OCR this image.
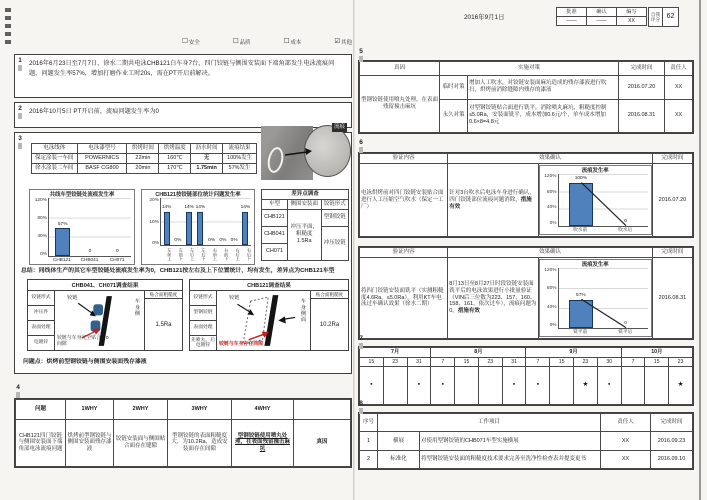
☐ 安全	☐ 品质	☐ 成本	☑ 其他
2016年9月1日
批准	确认	编写
——	——	XX
自我评分	62
1
2
3
4
5
6
7
8
2016年6月23日至7月7日，徐水二期共电泳CHB121白车身7台，四门铰链与侧围安装面下端角部发生电泳流痕问题，问题发生率57%，增加打磨作业工时20s，需在PT开启前解决。
2016年10月5日 PT开启前，流痕问题发生率为0
电泳线体	电泳漆型号	烘烤时间	烘烤温度	沥水时间	流痕结果
保定涂装一车间	POWERNICS	22min	160℃	无	100%发生
徐水涂装二车间	BASF CG800	20min	170℃	1.75min	57%发生
流痕
共线车型铰链处流痕发生率
120%
80%
40%
0%
57%
0	0
CHB121	CHB041	CH071
CHB121按铰链部位统计问题发生率
20%
10%
0%
14%
0%
14% 14%
0% 0% 0%
14%
左前上	左前下	左后上	左后下	右前上	右前下	右后上	右后下
差异点调查		
车型	侧围安装面	铰链形式
CHB121	冲压平面，粗糙度1.5Ra	型钢铰链
CHB041		冲压铰链
CH071		
总结：同线体生产的其它车型铰链处流痕发生率为0，CHB121按左右及上下位置统计，均有发生，差异点为CHB121车型
CHB041、CH071调查结果
铰链形式
冲压件
表面处理
电镀锌
铰链
铰链与车身完全贴合，0间隙
车身侧
贴合面粗糙度
1.5Ra
CHB121调查结果
铰链形式
型钢铰链
表面处理
先喷丸，后电镀锌
铰链
铰链与车身存在间隙
车身侧面
贴合面粗糙度
10.2Ra
问题点：烘烤前型钢铰链与侧围安装面残存漆液
问题	1WHY	2WHY	3WHY	4WHY	
CHB121四门铰链与侧围安装面下端角部电泳流痕问题	烘烤前型钢铰链与侧围安装面残存漆液	铰链安装面与侧围贴合面存在缝隙	型钢铰链的表面粗糙度大，为10.2Ra，造成安装面存在间隙	型钢铰链使用喷丸处理，在表面残留撞击麻坑	真因
真因	实施对策		完成时间	责任人
型钢铰链使用喷丸处理，在表面残留撞击麻坑	临时对策	增加人工吹水，对铰链安装面麻坑造成的残存漆液进行吹扫，烘烤前消除缝隙内残存的漆液	2016.07.20	XX
	永久对策	对型钢铰链贴合面进行铣平，消除喷丸麻坑，粗糙度控制≤5.0Ra，安装面铣平，成本增加0.6元/个，单车成本增加0.6×8=4.8元	2016.08.31	XX
验证内容	效果确认		完成时间
电泳烘烤前对四门铰链安装贴合面进行人工压缩空气吹水（保定一工厂）	针对3台吹水后电泳车身进行确认，四门铰链部位流痕问题消除，措施有效	
流痕发生率
120%
80%
40%
0%
100%
0
吹水前	吹水后
	2016.07.20
验证内容	效果确认		完成时间
将四门铰链安装面铣平（实测粗糙度4.6Ra，≤5.0Ra），利用KT车电泳过车确认效果（徐水二期）	8月13日至8月27日时段铰链安装面铣平后的电泳效果进行小批量验证（VIN后三位数为223、157、160、158、161，依次过车），流痕问题为0，措施有效	
流痕发生率
120%
80%
40%
0%
57%
0
铣平前	铣平后
	2016.08.31
7月			8月				9月				10月		
15	23	31	7	15	23	31	7	15	23	30	7	15	23
▪		▪	▪			▪	▪		★	▪			★
序号	工作项目		责任人	完成时间
1	横展	对使用型钢铰链的CHB071车型实施横展	XX	2016.09.23
2	标准化	将型钢铰链安装面的粗糙度技术要求完善至洗净性检查表并提变更书	XX	2016.09.10
